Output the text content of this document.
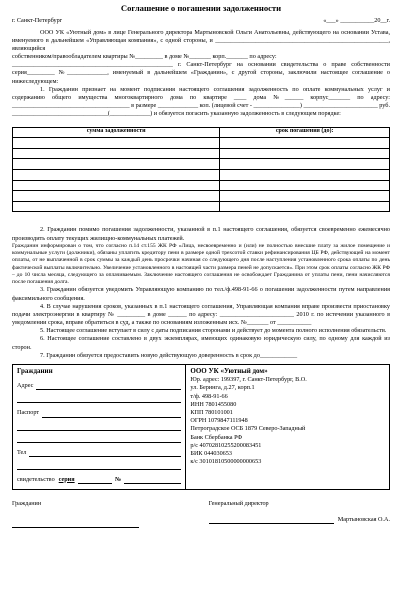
Соглашение о погашении задолженности
г. Санкт-Петербург	«___» ___________20__г.

ООО УК «Уютный дом» в лице Генерального директора Мартыновской Ольги Анатольевны, действующего на основании Устава, именуемого в дальнейшем «Управляющая компания», с одной стороны, и ________________________________________________________, являющийся

собственником/правообладателем квартиры №_________ в доме №_______ корп._______ по адресу:

____________________________________________________ г. Санкт-Петербург на основании свидетельства о праве собственности серия_________ №_____________, именуемый в дальнейшем «Гражданин», с другой стороны, заключили настоящее соглашение о нижеследующем:

1. Гражданин признает на момент подписания настоящего соглашения задолженность по оплате коммунальных услуг и содержанию общего имущества многоквартирного дома по квартире ____ дома №______ корпус_______ по адресу: ______________________________________ в размере _____________ коп. (лицевой счет - _______________) ________________________ руб. _______________________________(_____________) и обязуется погасить указанную задолженность в следующем порядке:

сумма задолженности	срок погашения (до):

2. Гражданин помимо погашения задолженности, указанной в п.1 настоящего соглашения, обязуется своевременно ежемесячно производить оплату текущих жилищно-коммунальных платежей.

Гражданин информирован о том, что согласно п.14 ст.155 ЖК РФ «Лица, несвоевременно и (или) не полностью внесшие плату за жилое помещение и коммунальные услуги (должники), обязаны уплатить кредитору пени в размере одной трехсотой ставки рефинансирования ЦБ РФ, действующей на момент оплаты, от не выплаченной в срок суммы за каждый день просрочки начиная со следующего дня после наступления установленного срока оплаты по день фактической выплаты включительно. Увеличение установленного в настоящей части размера пеней не допускается». При этом срок оплаты согласно ЖК РФ – до 10 числа месяца, следующего за оплачиваемым. Заключение настоящего соглашения не освобождает Гражданина от уплаты пени, пени начисляются после погашения долга.

3. Гражданин обязуется уведомить Управляющую компанию по тел./ф.498-91-66 о погашении задолженности путем направления факсимильного сообщения.

4. В случае нарушения сроков, указанных в п.1 настоящего соглашения, Управляющая компания вправе произвести приостановку подачи электроэнергии в квартиру № _________ в доме ______ по адресу: ________________________ 2010 г. по истечении указанного в уведомлении срока, вправе обратиться в суд, а также по основаниям изложенным исх. №_______ от ___________

5. Настоящее соглашение вступает в силу с даты подписания сторонами и действует до момента полного исполнения обязательств.

6. Настоящее соглашение составлено в двух экземплярах, имеющих одинаковую юридическую силу, по одному для каждой из сторон.

7. Гражданин обязуется предоставить новую действующую доверенность в срок до____________

Гражданин
Адрес
Паспорт
Тел
свидетельство серия	№

ООО УК «Уютный дом»
Юр. адрес: 199397, г. Санкт-Петербург, В.О.
ул. Беринга, д.27, корп.1
т/ф. 498-91-66
ИНН 7801455080
КПП 780101001
ОГРН 1079847111948
Петроградское ОСБ 1879 Северо-Западный
Банк Сбербанка РФ
р/с 40702810255200083451
БИК 044030653
к/с 30101810500000000653
Гражданин	Генеральный директор
Мартыновская О.А.
